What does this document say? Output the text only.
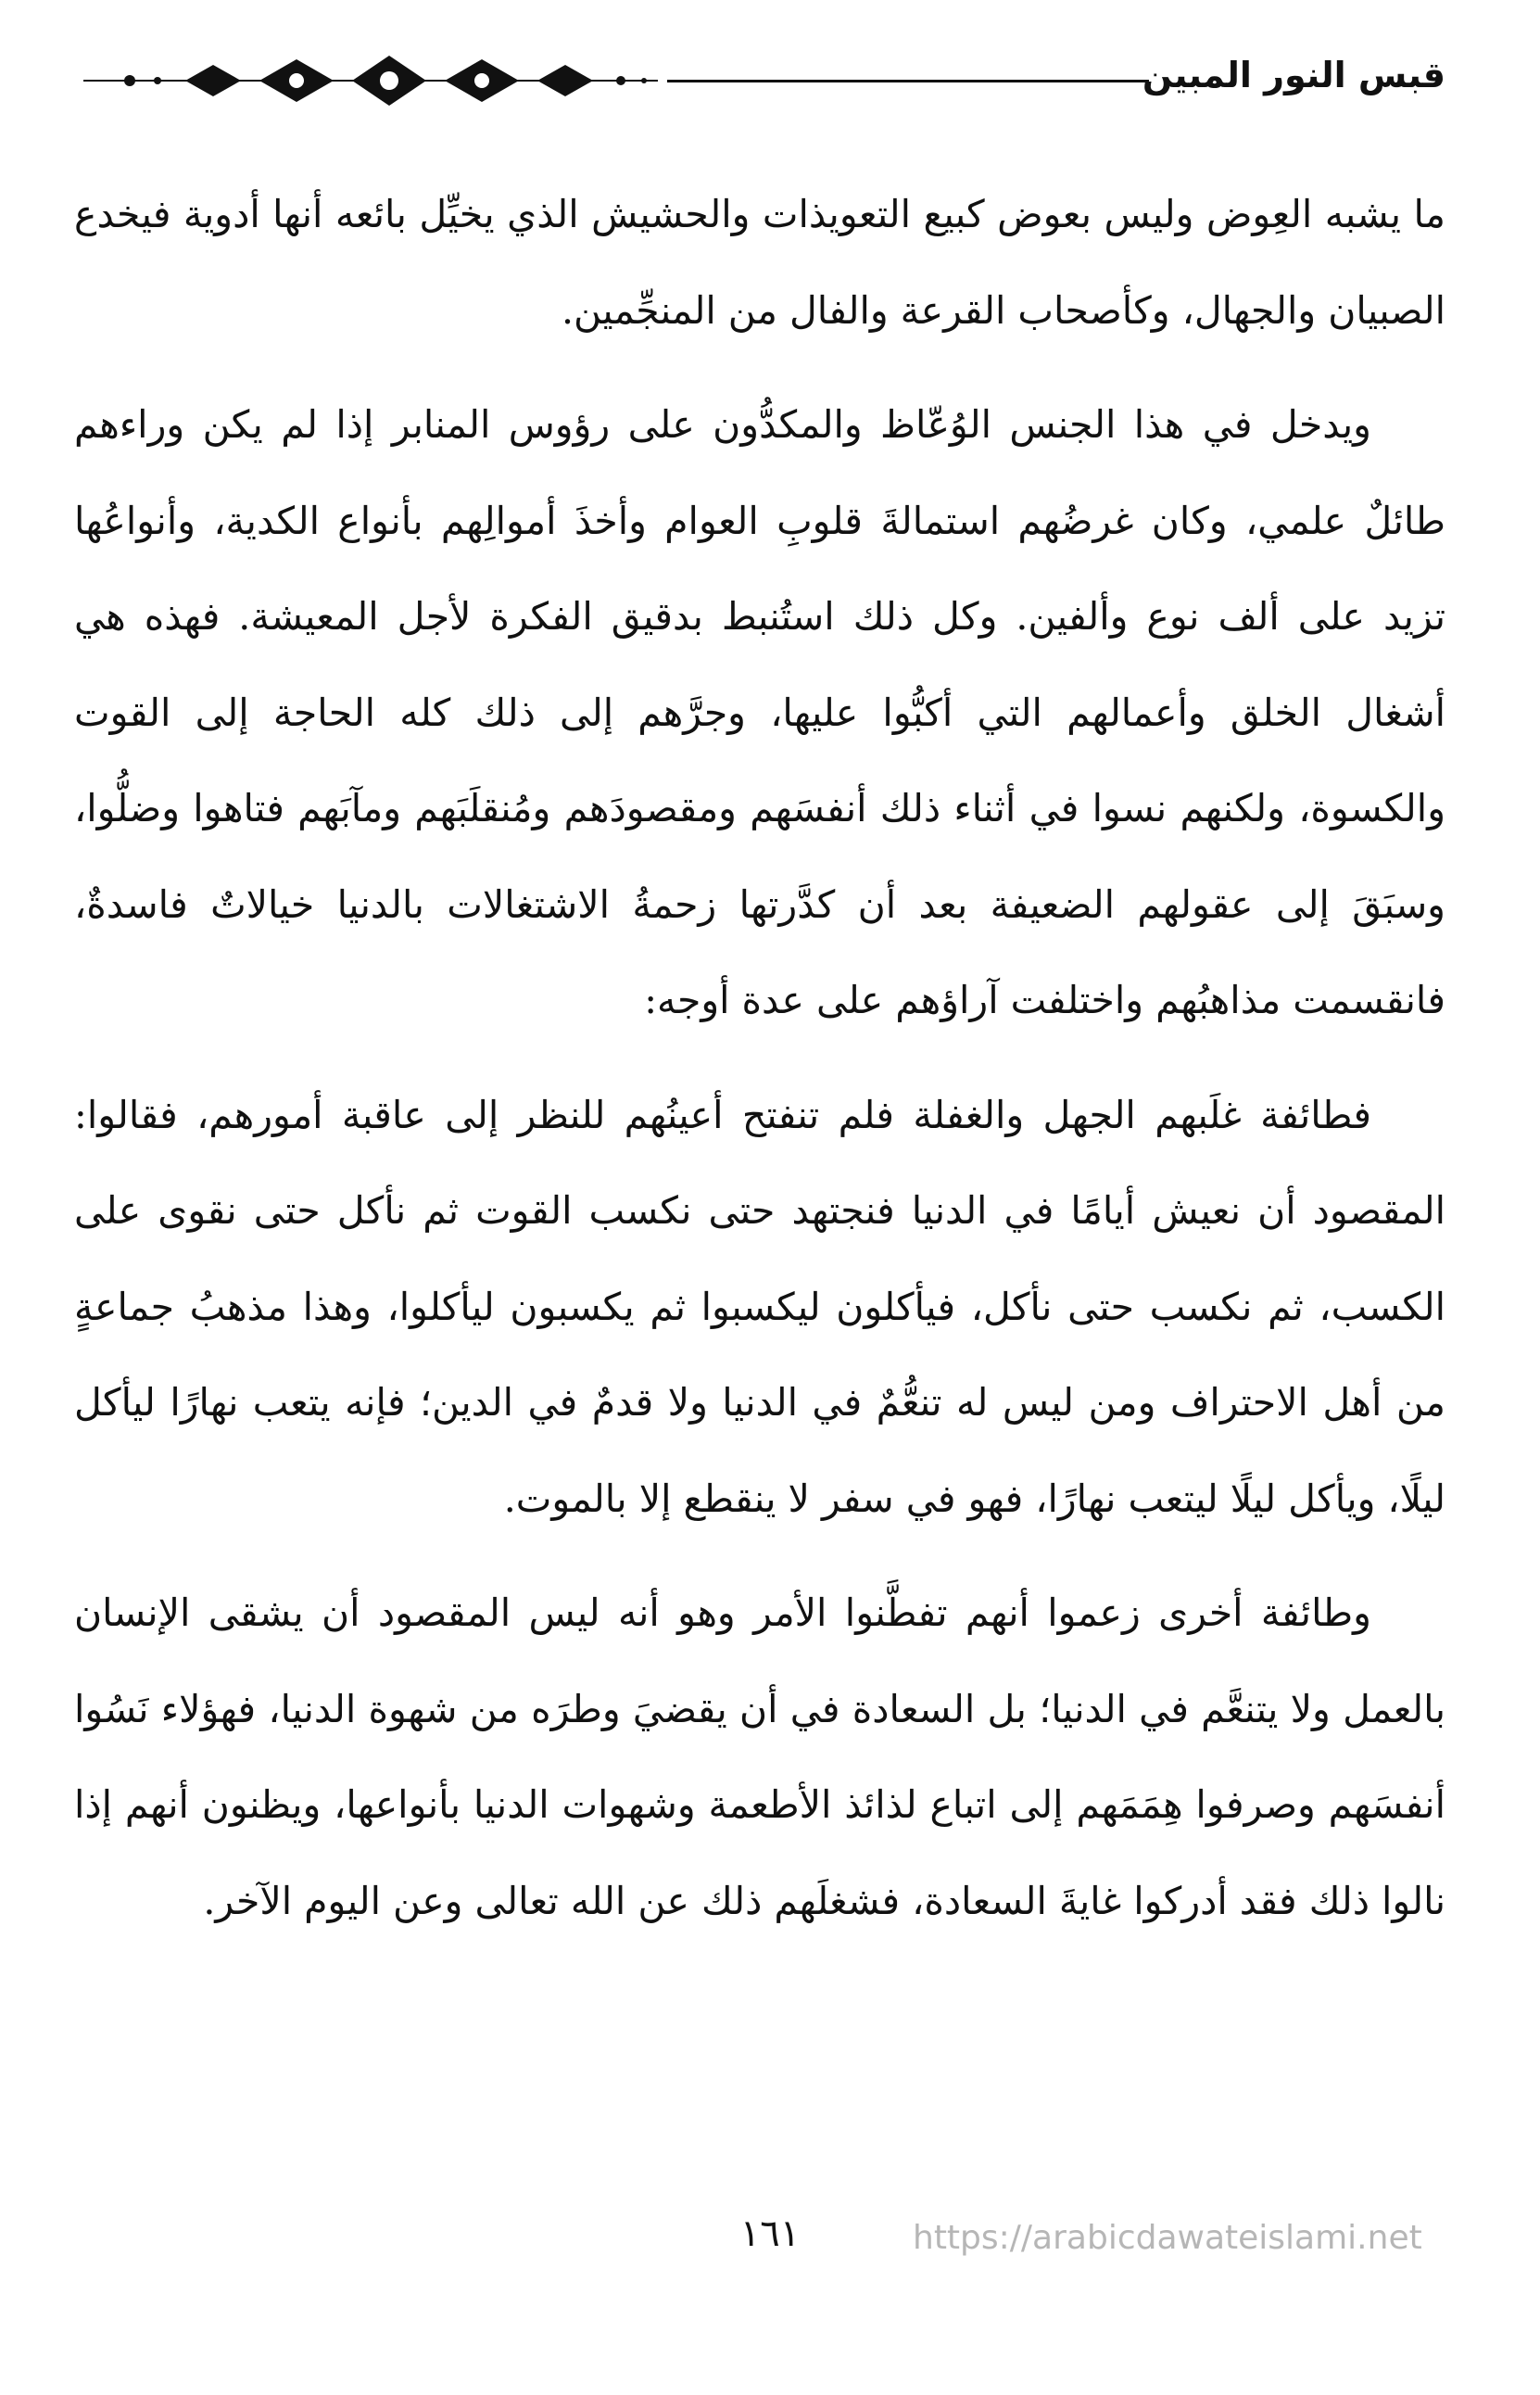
قبس النور المبين

ما يشبه العِوض وليس بعوض كبيع التعويذات والحشيش الذي يخيِّل بائعه أنها أدوية فيخدع الصبيان والجهال، وكأصحاب القرعة والفال من المنجِّمين.

ويدخل في هذا الجنس الوُعّاظ والمكدُّون على رؤوس المنابر إذا لم يكن وراءهم طائلٌ علمي، وكان غرضُهم استمالةَ قلوبِ العوام وأخذَ أموالِهم بأنواع الكدية، وأنواعُها تزيد على ألف نوع وألفين. وكل ذلك استُنبط بدقيق الفكرة لأجل المعيشة. فهذه هي أشغال الخلق وأعمالهم التي أكبُّوا عليها، وجرَّهم إلى ذلك كله الحاجة إلى القوت والكسوة، ولكنهم نسوا في أثناء ذلك أنفسَهم ومقصودَهم ومُنقلَبَهم ومآبَهم فتاهوا وضلُّوا، وسبَقَ إلى عقولهم الضعيفة بعد أن كدَّرتها زحمةُ الاشتغالات بالدنيا خيالاتٌ فاسدةٌ، فانقسمت مذاهبُهم واختلفت آراؤهم على عدة أوجه:

فطائفة غلَبهم الجهل والغفلة فلم تنفتح أعينُهم للنظر إلى عاقبة أمورهم، فقالوا: المقصود أن نعيش أيامًا في الدنيا فنجتهد حتى نكسب القوت ثم نأكل حتى نقوى على الكسب، ثم نكسب حتى نأكل، فيأكلون ليكسبوا ثم يكسبون ليأكلوا، وهذا مذهبُ جماعةٍ من أهل الاحتراف ومن ليس له تنعُّمٌ في الدنيا ولا قدمٌ في الدين؛ فإنه يتعب نهارًا ليأكل ليلًا، ويأكل ليلًا ليتعب نهارًا، فهو في سفر لا ينقطع إلا بالموت.

وطائفة أخرى زعموا أنهم تفطَّنوا الأمر وهو أنه ليس المقصود أن يشقى الإنسان بالعمل ولا يتنعَّم في الدنيا؛ بل السعادة في أن يقضيَ وطرَه من شهوة الدنيا، فهؤلاء نَسُوا أنفسَهم وصرفوا هِمَمَهم إلى اتباع لذائذ الأطعمة وشهوات الدنيا بأنواعها، ويظنون أنهم إذا نالوا ذلك فقد أدركوا غايةَ السعادة، فشغلَهم ذلك عن الله تعالى وعن اليوم الآخر.

١٦١	https://arabicdawateislami.net
